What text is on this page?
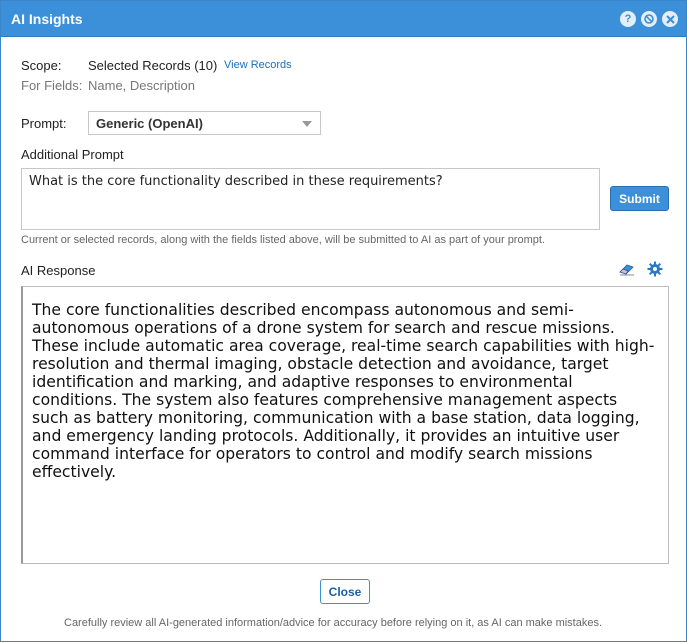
AI Insights	?
Scope: Selected Records (10) View Records
For Fields: Name, Description
Prompt:	Generic (OpenAI)
Additional Prompt
What is the core functionality described in these requirements?
Submit
Current or selected records, along with the fields listed above, will be submitted to AI as part of your prompt.
AI Response
The core functionalities described encompass autonomous and semi-autonomous operations of a drone system for search and rescue missions. These include automatic area coverage, real-time search capabilities with high-resolution and thermal imaging, obstacle detection and avoidance, target identification and marking, and adaptive responses to environmental conditions. The system also features comprehensive management aspects such as battery monitoring, communication with a base station, data logging, and emergency landing protocols. Additionally, it provides an intuitive user command interface for operators to control and modify search missions effectively.
Close
Carefully review all AI-generated information/advice for accuracy before relying on it, as AI can make mistakes.
